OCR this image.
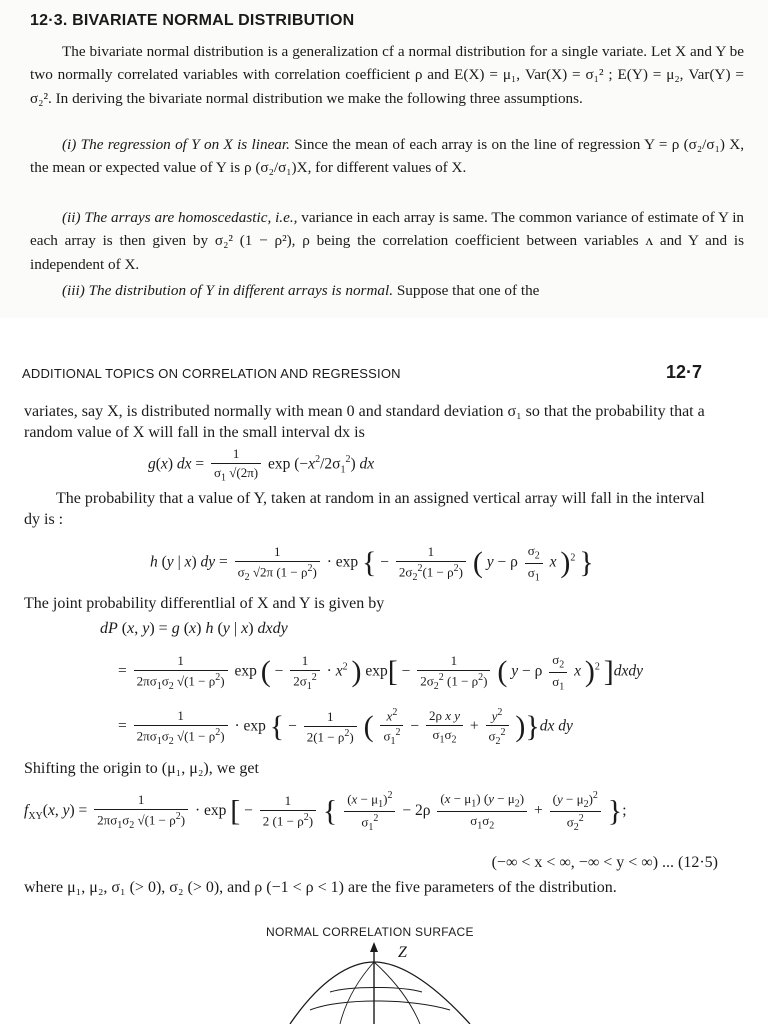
12·3. BIVARIATE NORMAL DISTRIBUTION
The bivariate normal distribution is a generalization cf a normal distribution for a single variate. Let X and Y be two normally correlated variables with correlation coefficient ρ and E(X) = μ₁, Var(X) = σ₁² ; E(Y) = μ₂, Var(Y) = σ₂². In deriving the bivariate normal distribution we make the following three assumptions.
(i) The regression of Y on X is linear. Since the mean of each array is on the line of regression Y = ρ (σ₂/σ₁) X, the mean or expected value of Y is ρ (σ₂/σ₁)X, for different values of X.
(ii) The arrays are homoscedastic, i.e., variance in each array is same. The common variance of estimate of Y in each array is then given by σ₂² (1 − ρ²), ρ being the correlation coefficient between variables ᴧ and Y and is independent of X.
(iii) The distribution of Y in different arrays is normal. Suppose that one of the
ADDITIONAL TOPICS ON CORRELATION AND REGRESSION	12·7
variates, say X, is distributed normally with mean 0 and standard deviation σ₁ so that the probability that a random value of X will fall in the small interval dx is
g(x) dx = $\frac{1}{\sigma_1 √(2\pi)}$ $\exp (-x^2/2\sigma_1^2)$ dx
The probability that a value of Y, taken at random in an assigned vertical array will fall in the interval dy is :
h (y | x) dy = $\frac{1}{\sigma_2 √2\pi (1 - \rho^2)} \cdot \exp$ { − $\frac{1}{2\sigma_2^2(1 - \rho^2)}$ ( y − ρ $\frac{\sigma_2}{\sigma_1}$ x )$^2$ }
The joint probability differentlial of X and Y is given by
dP (x, y) = g (x) h (y | x) dxdy
= $\frac{1}{2\pi\sigma_1\sigma_2 √(1 - \rho^2)}$ exp ( − $\frac{1}{2\sigma_1^2} \cdot x^2$ ) $\exp[ - \frac{1}{2\sigma_2^2 (1 - \rho^2)}$ ( y − ρ $\frac{\sigma_2}{\sigma_1}$ x )$^2$ ]dxdy
= $\frac{1}{2\pi\sigma_1\sigma_2 √(1 - \rho^2)} \cdot \exp$ { − $\frac{1}{2(1 - \rho^2)}$ ( $\frac{x^2}{\sigma_1^2} - \frac{\text{2ρ x y}}{\sigma_1\sigma_2} + \frac{y^2}{\sigma_2^2} )\}dx$ dy
Shifting the origin to (μ₁, μ₂), we get
$f_{XY}(x$, $y) = \frac{1}{2\pi\sigma_1\sigma_2 √(1 - \rho^2)} \cdot \exp$ [ − $\frac{1}{2 (1 - \rho^2)}$ { $\frac{(x - \mu_1)^2}{\sigma_1^2} - 2\rho \frac{(x - \mu_1) (y - \mu_2)}{\sigma_1\sigma_2} + \frac{(y - \mu_2)^2}{\sigma_2^2}$ };
(−∞ < x < ∞, −∞ < y < ∞) ... (12·5)
where μ₁, μ₂, σ₁ (> 0), σ₂ (> 0), and ρ (−1 < ρ < 1) are the five parameters of the distribution.
NORMAL CORRELATION SURFACE
Z
